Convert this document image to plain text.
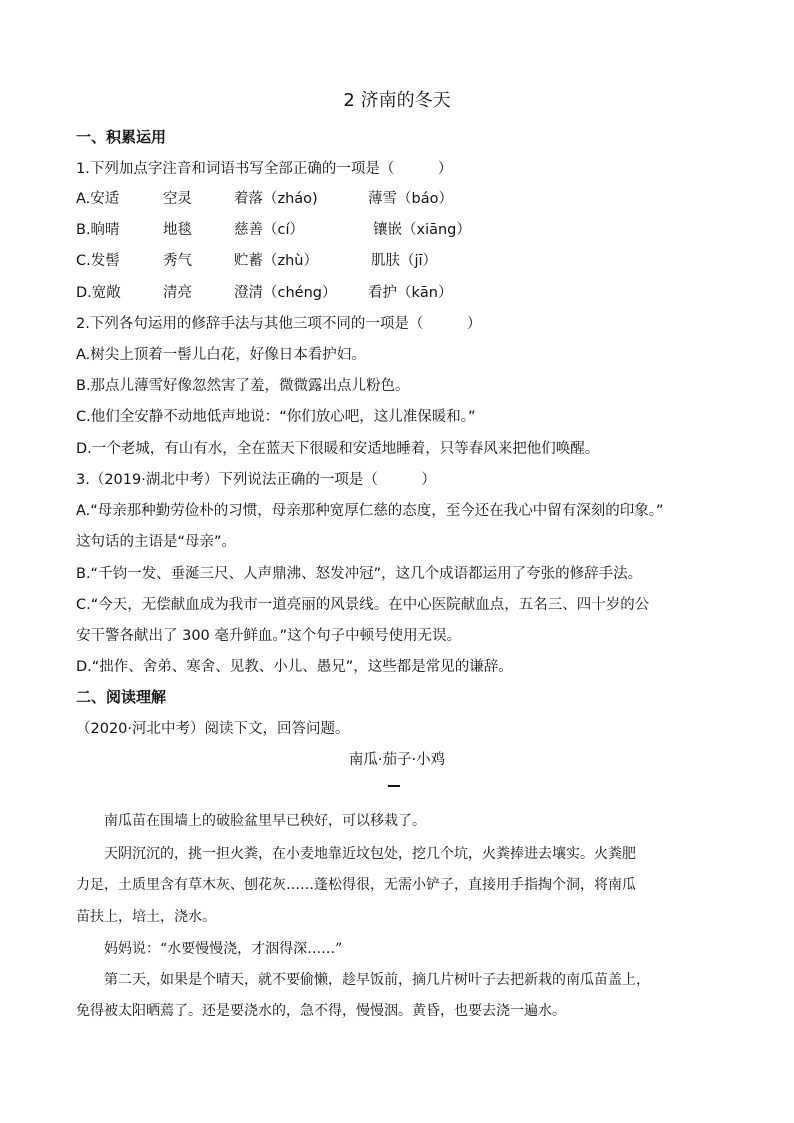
2 济南的冬天
一、积累运用
1.下列加点字注音和词语书写全部正确的一项是（　　　）
A.安适	空灵	着落（zháo)	薄雪（báo）
B.晌晴	地毯	慈善（cí）	镶嵌（xiāng）
C.发髻	秀气	贮蓄（zhù）	肌肤（jī）
D.宽敞	清亮	澄清（chéng） 看护（kān）
2.下列各句运用的修辞手法与其他三项不同的一项是（　　　）
A.树尖上顶着一髻儿白花，好像日本看护妇。
B.那点儿薄雪好像忽然害了羞，微微露出点儿粉色。
C.他们全安静不动地低声地说：“你们放心吧，这儿准保暖和。”
D.一个老城，有山有水，全在蓝天下很暖和安适地睡着，只等春风来把他们唤醒。
3.（2019·湖北中考）下列说法正确的一项是（　　　）
A.“母亲那种勤劳俭朴的习惯，母亲那种宽厚仁慈的态度，至今还在我心中留有深刻的印象。”
这句话的主语是“母亲”。
B.“千钧一发、垂涎三尺、人声鼎沸、怒发冲冠”，这几个成语都运用了夸张的修辞手法。
C.“今天，无偿献血成为我市一道亮丽的风景线。在中心医院献血点，五名三、四十岁的公
安干警各献出了 300 毫升鲜血。”这个句子中顿号使用无误。
D.“拙作、舍弟、寒舍、见教、小儿、愚兄”，这些都是常见的谦辞。
二、阅读理解
（2020·河北中考）阅读下文，回答问题。
南瓜·茄子·小鸡
　　南瓜苗在围墙上的破脸盆里早已秧好，可以移栽了。
　　天阴沉沉的，挑一担火粪，在小麦地靠近坟包处，挖几个坑，火粪捧进去壤实。火粪肥
力足，土质里含有草木灰、刨花灰……蓬松得很，无需小铲子，直接用手指掏个洞，将南瓜
苗扶上，培土，浇水。
　　妈妈说：“水要慢慢浇，才洇得深……”
　　第二天，如果是个晴天，就不要偷懒，趁早饭前，摘几片树叶子去把新栽的南瓜苗盖上，
免得被太阳晒蔫了。还是要浇水的，急不得，慢慢洇。黄昏，也要去浇一遍水。
